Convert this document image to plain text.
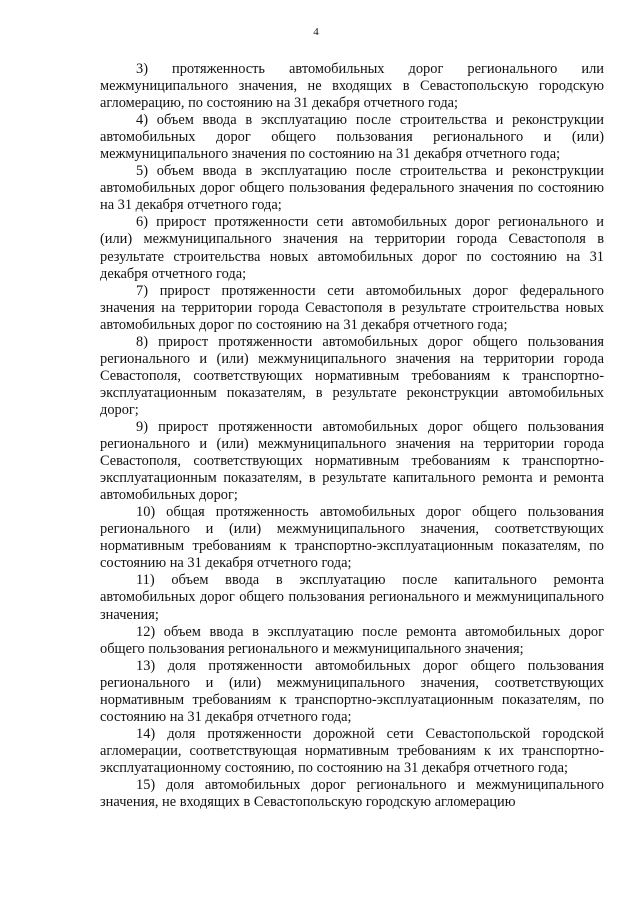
4

3) протяженность автомобильных дорог регионального или межмуниципального значения, не входящих в Севастопольскую городскую агломерацию, по состоянию на 31 декабря отчетного года;

4) объем ввода в эксплуатацию после строительства и реконструкции автомобильных дорог общего пользования регионального и (или) межмуниципального значения по состоянию на 31 декабря отчетного года;

5) объем ввода в эксплуатацию после строительства и реконструкции автомобильных дорог общего пользования федерального значения по состоянию на 31 декабря отчетного года;

6) прирост протяженности сети автомобильных дорог регионального и (или) межмуниципального значения на территории города Севастополя в результате строительства новых автомобильных дорог по состоянию на 31 декабря отчетного года;

7) прирост протяженности сети автомобильных дорог федерального значения на территории города Севастополя в результате строительства новых автомобильных дорог по состоянию на 31 декабря отчетного года;

8) прирост протяженности автомобильных дорог общего пользования регионального и (или) межмуниципального значения на территории города Севастополя, соответствующих нормативным требованиям к транспортно-эксплуатационным показателям, в результате реконструкции автомобильных дорог;

9) прирост протяженности автомобильных дорог общего пользования регионального и (или) межмуниципального значения на территории города Севастополя, соответствующих нормативным требованиям к транспортно-эксплуатационным показателям, в результате капитального ремонта и ремонта автомобильных дорог;

10) общая протяженность автомобильных дорог общего пользования регионального и (или) межмуниципального значения, соответствующих нормативным требованиям к транспортно-эксплуатационным показателям, по состоянию на 31 декабря отчетного года;

11) объем ввода в эксплуатацию после капитального ремонта автомобильных дорог общего пользования регионального и межмуниципального значения;

12) объем ввода в эксплуатацию после ремонта автомобильных дорог общего пользования регионального и межмуниципального значения;

13) доля протяженности автомобильных дорог общего пользования регионального и (или) межмуниципального значения, соответствующих нормативным требованиям к транспортно-эксплуатационным показателям, по состоянию на 31 декабря отчетного года;

14) доля протяженности дорожной сети Севастопольской городской агломерации, соответствующая нормативным требованиям к их транспортно-эксплуатационному состоянию, по состоянию на 31 декабря отчетного года;

15) доля автомобильных дорог регионального и межмуниципального значения, не входящих в Севастопольскую городскую агломерацию
